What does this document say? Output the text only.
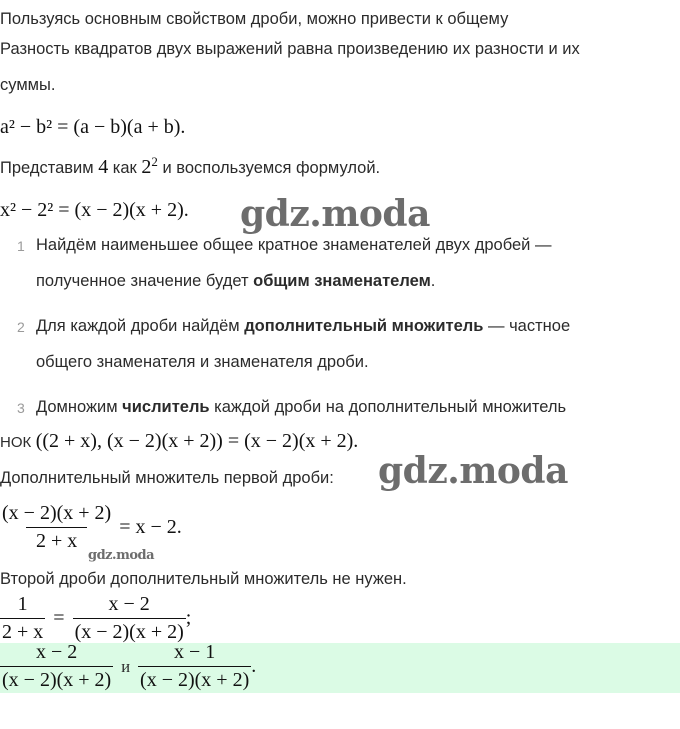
Пользуясь основным свойством дроби, можно привести к общему
Разность квадратов двух выражений равна произведению их разности и их
суммы.
a² − b² = (a − b)(a + b).
Представим 4 как $2^2$ и воспользуемся формулой.
x² − 2² = (x − 2)(x + 2). gdz.moda
1 Найдём наименьшее общее кратное знаменателей двух дробей —
полученное значение будет общим знаменателем.
2 Для каждой дроби найдём дополнительный множитель — частное
общего знаменателя и знаменателя дроби.
3 Домножим числитель каждой дроби на дополнительный множитель
НОК ((2 + x), (x − 2)(x + 2)) = (x − 2)(x + 2).
Дополнительный множитель первой дроби: gdz.moda
$\frac{(x - 2)(x + 2)}{2 + x} = x - 2$.
gdz.moda
Второй дроби дополнительный множитель не нужен.
$\frac{1}{2 + x} = \frac{x - 2}{(x - 2)(x + 2)}$ ;
$\frac{x - 2}{(x - 2)(x + 2)}$ и $\frac{x - 1}{(x - 2)(x + 2)}$ .
